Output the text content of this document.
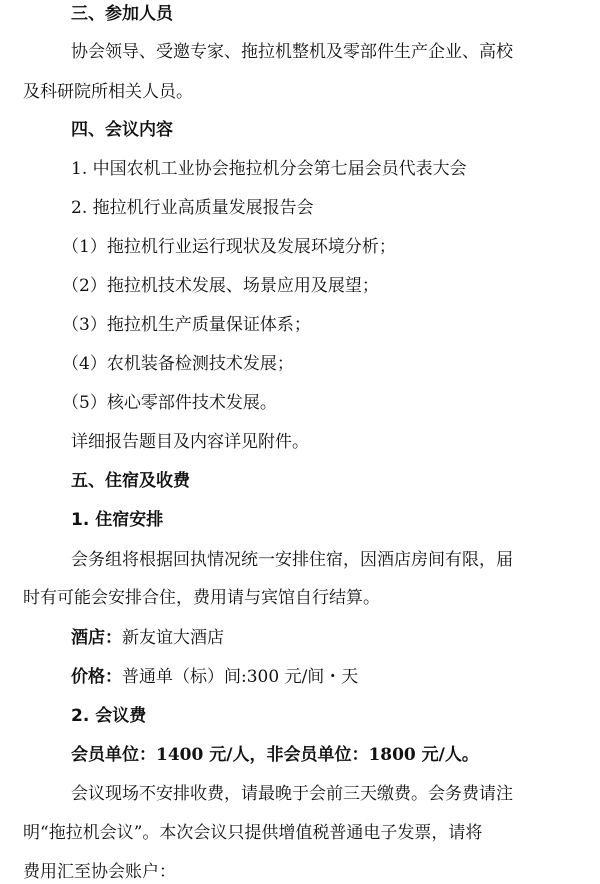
三、参加人员
协会领导、受邀专家、拖拉机整机及零部件生产企业、高校
及科研院所相关人员。
四、会议内容
1. 中国农机工业协会拖拉机分会第七届会员代表大会
2. 拖拉机行业高质量发展报告会
（1）拖拉机行业运行现状及发展环境分析；
（2）拖拉机技术发展、场景应用及展望；
（3）拖拉机生产质量保证体系；
（4）农机装备检测技术发展；
（5）核心零部件技术发展。
详细报告题目及内容详见附件。
五、住宿及收费
1. 住宿安排
会务组将根据回执情况统一安排住宿，因酒店房间有限，届
时有可能会安排合住，费用请与宾馆自行结算。
酒店：新友谊大酒店
价格：普通单（标）间:300 元/间・天
2. 会议费
会员单位：1400 元/人，非会员单位：1800 元/人。
会议现场不安排收费，请最晚于会前三天缴费。会务费请注
明“拖拉机会议”。本次会议只提供增值税普通电子发票，请将
费用汇至协会账户：
